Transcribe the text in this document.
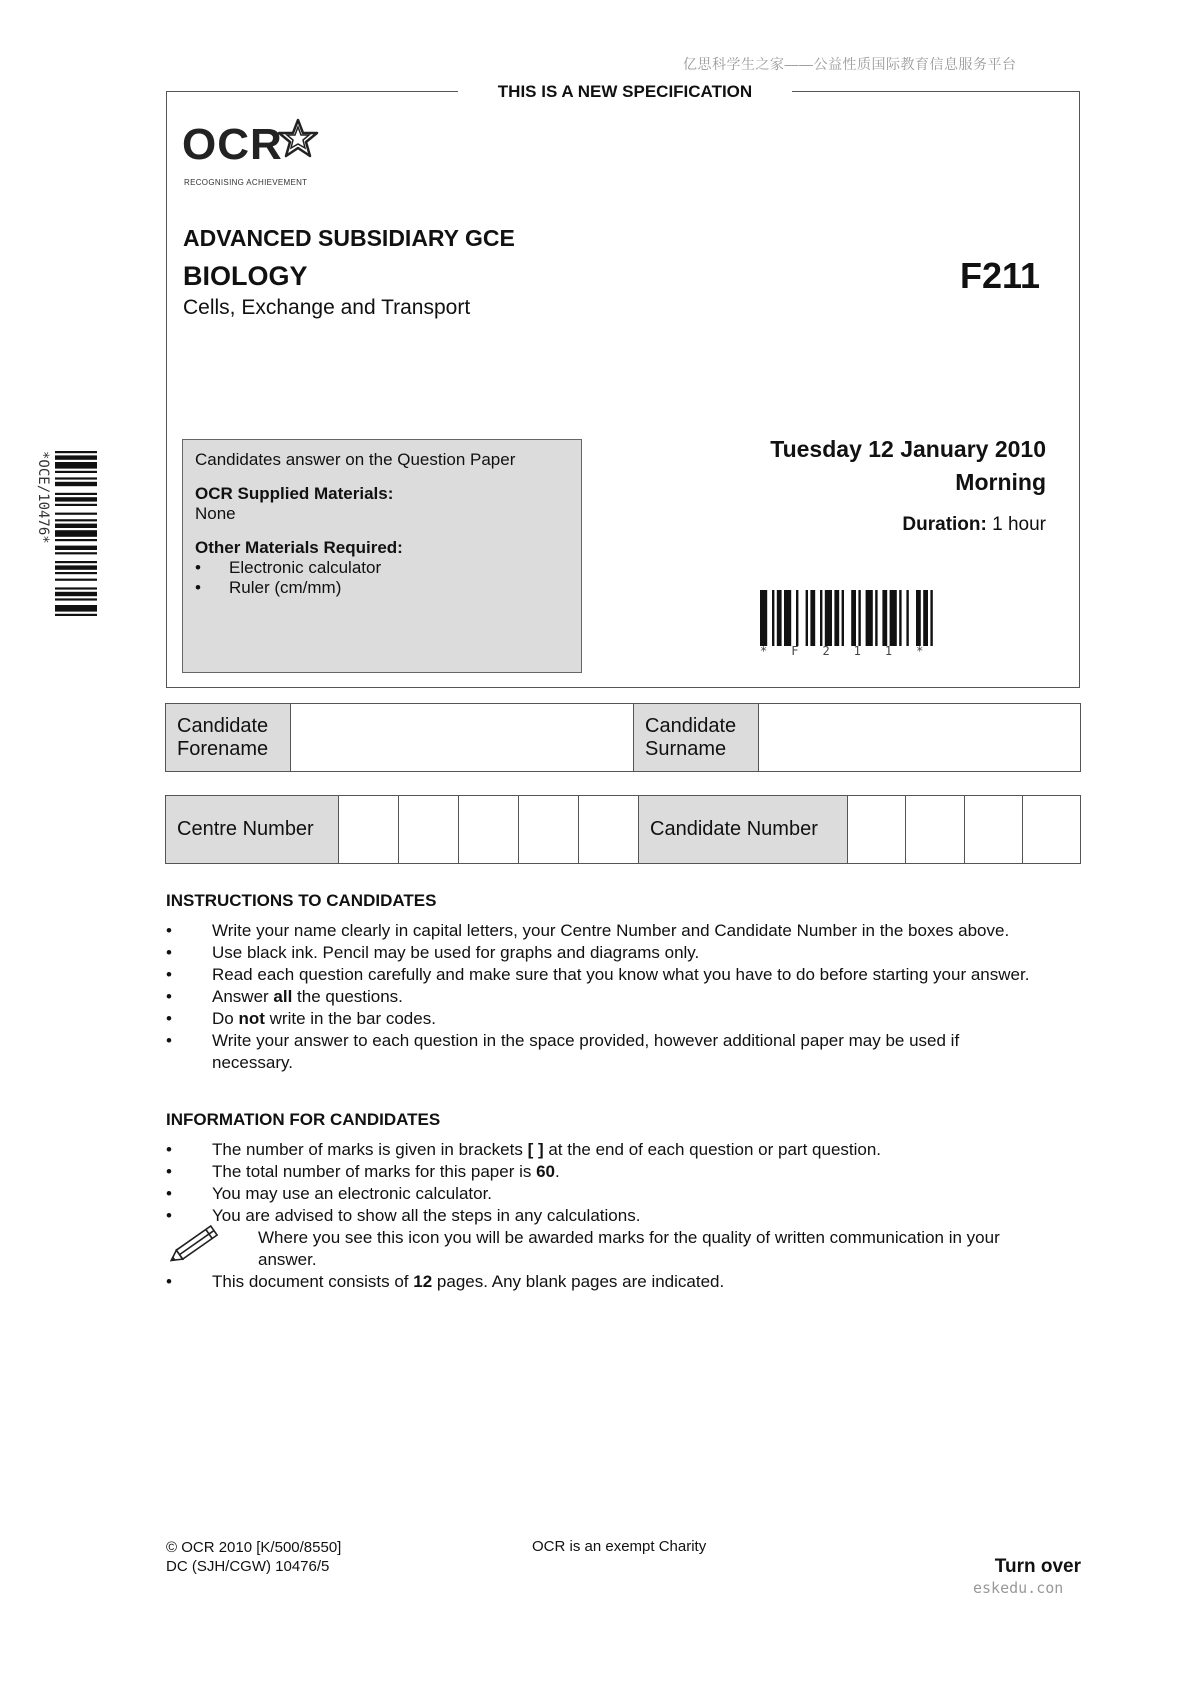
亿思科学生之家——公益性质国际教育信息服务平台
eskedu.con
THIS IS A NEW SPECIFICATION
OCR
RECOGNISING ACHIEVEMENT
ADVANCED SUBSIDIARY GCE
BIOLOGY
Cells, Exchange and Transport
F211

Candidates answer on the Question Paper

OCR Supplied Materials:

None

Other Materials Required:

• Electronic calculator

• Ruler (cm/mm)

Tuesday 12 January 2010
Morning
Duration: 1 hour
*OCE/10476*
*F211*
Candidate
Forename

Candidate
Surname

Centre Number						Candidate Number				
INSTRUCTIONS TO CANDIDATES
• Write your name clearly in capital letters, your Centre Number and Candidate Number in the boxes above.
• Use black ink. Pencil may be used for graphs and diagrams only.
• Read each question carefully and make sure that you know what you have to do before starting your answer.
• Answer all the questions.
• Do not write in the bar codes.
• Write your answer to each question in the space provided, however additional paper may be used if necessary.
INFORMATION FOR CANDIDATES
• The number of marks is given in brackets [ ] at the end of each question or part question.
• The total number of marks for this paper is 60.
• You may use an electronic calculator.
• You are advised to show all the steps in any calculations.
Where you see this icon you will be awarded marks for the quality of written communication in your answer.
• This document consists of 12 pages. Any blank pages are indicated.
© OCR 2010 [K/500/8550]
DC (SJH/CGW) 10476/5
OCR is an exempt Charity
Turn over
